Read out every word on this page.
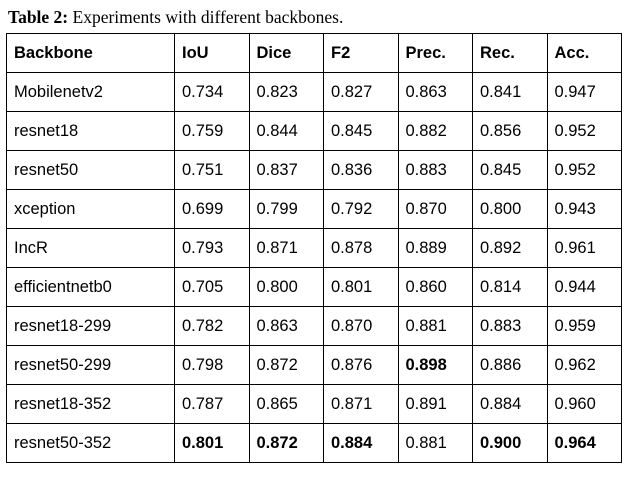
Table 2: Experiments with different backbones.

Backbone	IoU	Dice	F2	Prec.	Rec.	Acc.
Mobilenetv2	0.734	0.823	0.827	0.863	0.841	0.947
resnet18	0.759	0.844	0.845	0.882	0.856	0.952
resnet50	0.751	0.837	0.836	0.883	0.845	0.952
xception	0.699	0.799	0.792	0.870	0.800	0.943
IncR	0.793	0.871	0.878	0.889	0.892	0.961
efficientnetb0	0.705	0.800	0.801	0.860	0.814	0.944
resnet18-299	0.782	0.863	0.870	0.881	0.883	0.959
resnet50-299	0.798	0.872	0.876	0.898	0.886	0.962
resnet18-352	0.787	0.865	0.871	0.891	0.884	0.960
resnet50-352	0.801	0.872	0.884	0.881	0.900	0.964
